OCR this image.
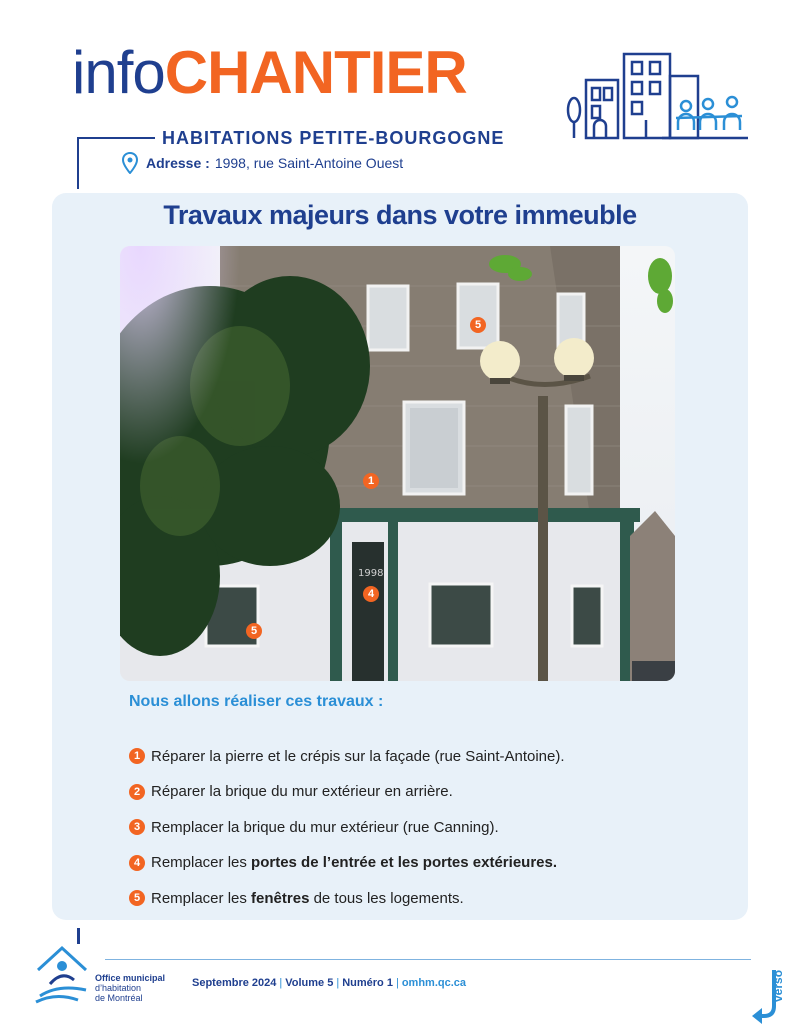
infoCHANTIER
HABITATIONS PETITE-BOURGOGNE
Adresse : 1998, rue Saint-Antoine Ouest
Travaux majeurs dans votre immeuble
1998
1
4
5
5
Nous allons réaliser ces travaux :
1 Réparer la pierre et le crépis sur la façade (rue Saint-Antoine).
2 Réparer la brique du mur extérieur en arrière.
3 Remplacer la brique du mur extérieur (rue Canning).
4 Remplacer les portes de l’entrée et les portes extérieures.
5 Remplacer les fenêtres de tous les logements.
Office municipal
d’habitation
de Montréal
Septembre 2024 | Volume 5 | Numéro 1 | omhm.qc.ca	verso
